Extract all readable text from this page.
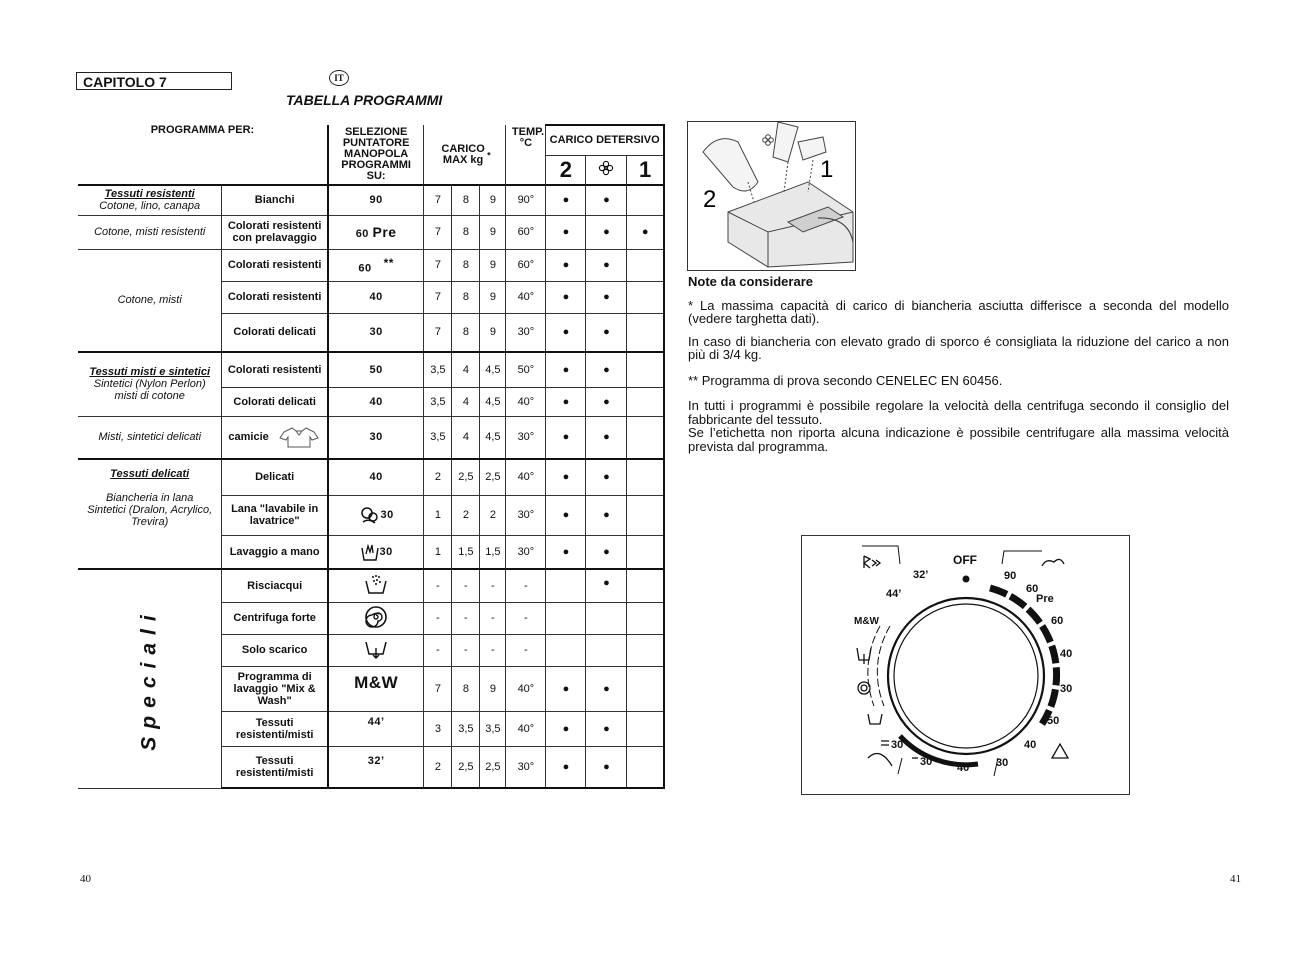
CAPITOLO 7	IT
TABELLA PROGRAMMI
PROGRAMMA PER:		SELEZIONE PUNTATORE MANOPOLA PROGRAMMI SU:	CARICO MAX kg *			TEMP. °C	CARICO DETERSIVO		
							2		1

Tessuti resistenti
Cotone, lino, canapa	Bianchi	90	7	8	9	90°	●	●	

Cotone, misti resistenti	Colorati resistenti con prelavaggio	60 Pre	7	8	9	60°	●	●	●

Cotone, misti	Colorati resistenti	60 **	7	8	9	60°	●	●	
	Colorati resistenti	40	7	8	9	40°	●	●	
	Colorati delicati	30	7	8	9	30°	●	●	

Tessuti misti e sintetici
Sintetici (Nylon Perlon) misti di cotone	Colorati resistenti	50	3,5	4	4,5	50°	●	●	
	Colorati delicati	40	3,5	4	4,5	40°	●	●	

Misti, sintetici delicati	camicie	30	3,5	4	4,5	30°	●	●	

Tessuti delicati
Biancheria in lana Sintetici (Dralon, Acrylico, Trevira)	Delicati	40	2	2,5	2,5	40°	●	●	
	Lana "lavabile in lavatrice"	30	1	2	2	30°	●	●	
	Lavaggio a mano	30	1	1,5	1,5	30°	●	●	
Speciali	Risciacqui		-	-	-	-		●	
	Centrifuga forte		-	-	-	-			
	Solo scarico		-	-	-	-			
	Programma di lavaggio "Mix & Wash"	M&W	7	8	9	40°	●	●	
	Tessuti resistenti/misti	44’	3	3,5	3,5	40°	●	●	
	Tessuti resistenti/misti	32’	2	2,5	2,5	30°	●	●	
1
2
Note da considerare

* La massima capacità di carico di biancheria asciutta differisce a seconda del modello (vedere targhetta dati).

In caso di biancheria con elevato grado di sporco é consigliata la riduzione del carico a non più di 3/4 kg.

** Programma di prova secondo CENELEC EN 60456.

In tutti i programmi è possibile regolare la velocità della centrifuga secondo il consiglio del fabbricante del tessuto.

Se l’etichetta non riporta alcuna indicazione è possibile centrifugare alla massima velocità prevista dal programma.

OFF
90
60
Pre
60
40
30
50
40
30
40
30
30
32’
44’
M&W
40	41
